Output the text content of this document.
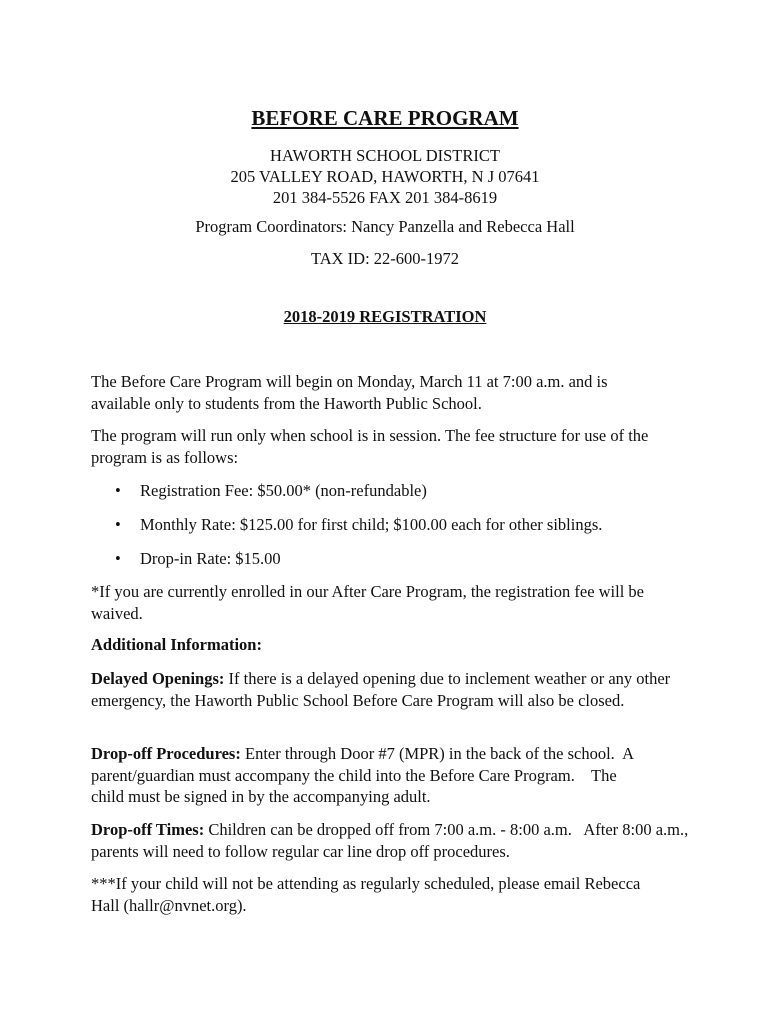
BEFORE CARE PROGRAM
HAWORTH SCHOOL DISTRICT
205 VALLEY ROAD, HAWORTH, N J 07641
201 384-5526 FAX 201 384-8619
Program Coordinators: Nancy Panzella and Rebecca Hall
TAX ID: 22-600-1972
2018-2019 REGISTRATION
The Before Care Program will begin on Monday, March 11 at 7:00 a.m. and is available only to students from the Haworth Public School.
The program will run only when school is in session. The fee structure for use of the program is as follows:
• Registration Fee: $50.00* (non-refundable)
• Monthly Rate: $125.00 for first child; $100.00 each for other siblings.
• Drop-in Rate: $15.00
*If you are currently enrolled in our After Care Program, the registration fee will be waived.
Additional Information:
Delayed Openings: If there is a delayed opening due to inclement weather or any other emergency, the Haworth Public School Before Care Program will also be closed.
Drop-off Procedures: Enter through Door #7 (MPR) in the back of the school.  A parent/guardian must accompany the child into the Before Care Program.    The child must be signed in by the accompanying adult.
Drop-off Times: Children can be dropped off from 7:00 a.m. - 8:00 a.m.   After 8:00 a.m., parents will need to follow regular car line drop off procedures.
***If your child will not be attending as regularly scheduled, please email Rebecca Hall (hallr@nvnet.org).
